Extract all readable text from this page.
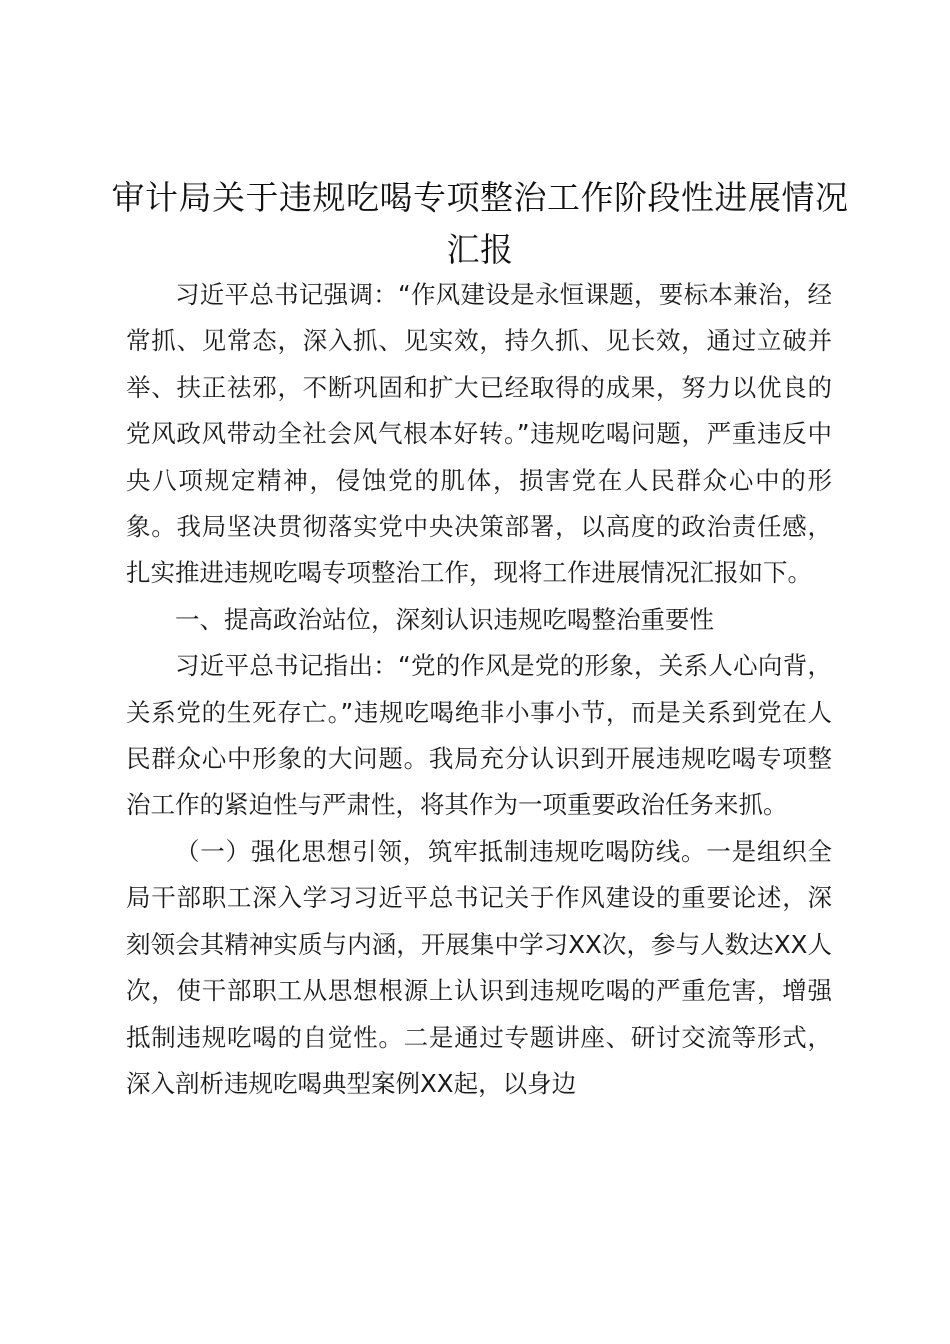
审计局关于违规吃喝专项整治工作阶段性进展情况汇报

习近平总书记强调：“作风建设是永恒课题，要标本兼治，经常抓、见常态，深入抓、见实效，持久抓、见长效，通过立破并举、扶正祛邪，不断巩固和扩大已经取得的成果，努力以优良的党风政风带动全社会风气根本好转。”违规吃喝问题，严重违反中央八项规定精神，侵蚀党的肌体，损害党在人民群众心中的形象。我局坚决贯彻落实党中央决策部署，以高度的政治责任感，扎实推进违规吃喝专项整治工作，现将工作进展情况汇报如下。

一、提高政治站位，深刻认识违规吃喝整治重要性

习近平总书记指出：“党的作风是党的形象，关系人心向背，关系党的生死存亡。”违规吃喝绝非小事小节，而是关系到党在人民群众心中形象的大问题。我局充分认识到开展违规吃喝专项整治工作的紧迫性与严肃性，将其作为一项重要政治任务来抓。

（一）强化思想引领，筑牢抵制违规吃喝防线。一是组织全局干部职工深入学习习近平总书记关于作风建设的重要论述，深刻领会其精神实质与内涵，开展集中学习XX次，参与人数达XX人次，使干部职工从思想根源上认识到违规吃喝的严重危害，增强抵制违规吃喝的自觉性。二是通过专题讲座、研讨交流等形式，深入剖析违规吃喝典型案例XX起，以身边
